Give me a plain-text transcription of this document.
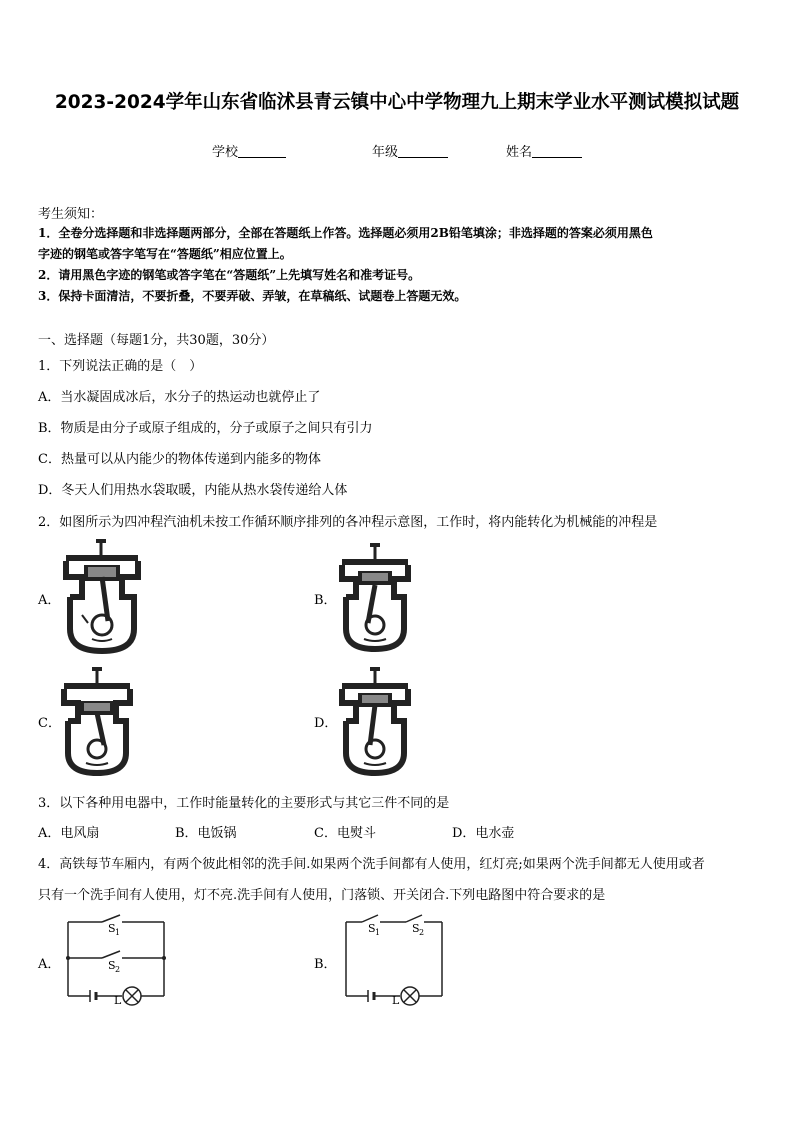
2023-2024学年山东省临沭县青云镇中心中学物理九上期末学业水平测试模拟试题
学校	年级	姓名
考生须知：
1．全卷分选择题和非选择题两部分，全部在答题纸上作答。选择题必须用2B铅笔填涂；非选择题的答案必须用黑色
字迹的钢笔或答字笔写在“答题纸”相应位置上。
2．请用黑色字迹的钢笔或答字笔在“答题纸”上先填写姓名和准考证号。
3．保持卡面清洁，不要折叠，不要弄破、弄皱，在草稿纸、试题卷上答题无效。
一、选择题（每题1分，共30题，30分）
1．下列说法正确的是（　）
A．当水凝固成冰后，水分子的热运动也就停止了
B．物质是由分子或原子组成的，分子或原子之间只有引力
C．热量可以从内能少的物体传递到内能多的物体
D．冬天人们用热水袋取暖，内能从热水袋传递给人体
2．如图所示为四冲程汽油机未按工作循环顺序排列的各冲程示意图，工作时，将内能转化为机械能的冲程是
A．	B．
C．	D．
3．以下各种用电器中，工作时能量转化的主要形式与其它三件不同的是
A．电风扇	B．电饭锅	C．电熨斗	D．电水壶
4．高铁每节车厢内，有两个彼此相邻的洗手间.如果两个洗手间都有人使用，红灯亮;如果两个洗手间都无人使用或者
只有一个洗手间有人使用，灯不亮.洗手间有人使用，门落锁、开关闭合.下列电路图中符合要求的是
A．
S 1
S 2
L
B．
S 1	S 2
L
